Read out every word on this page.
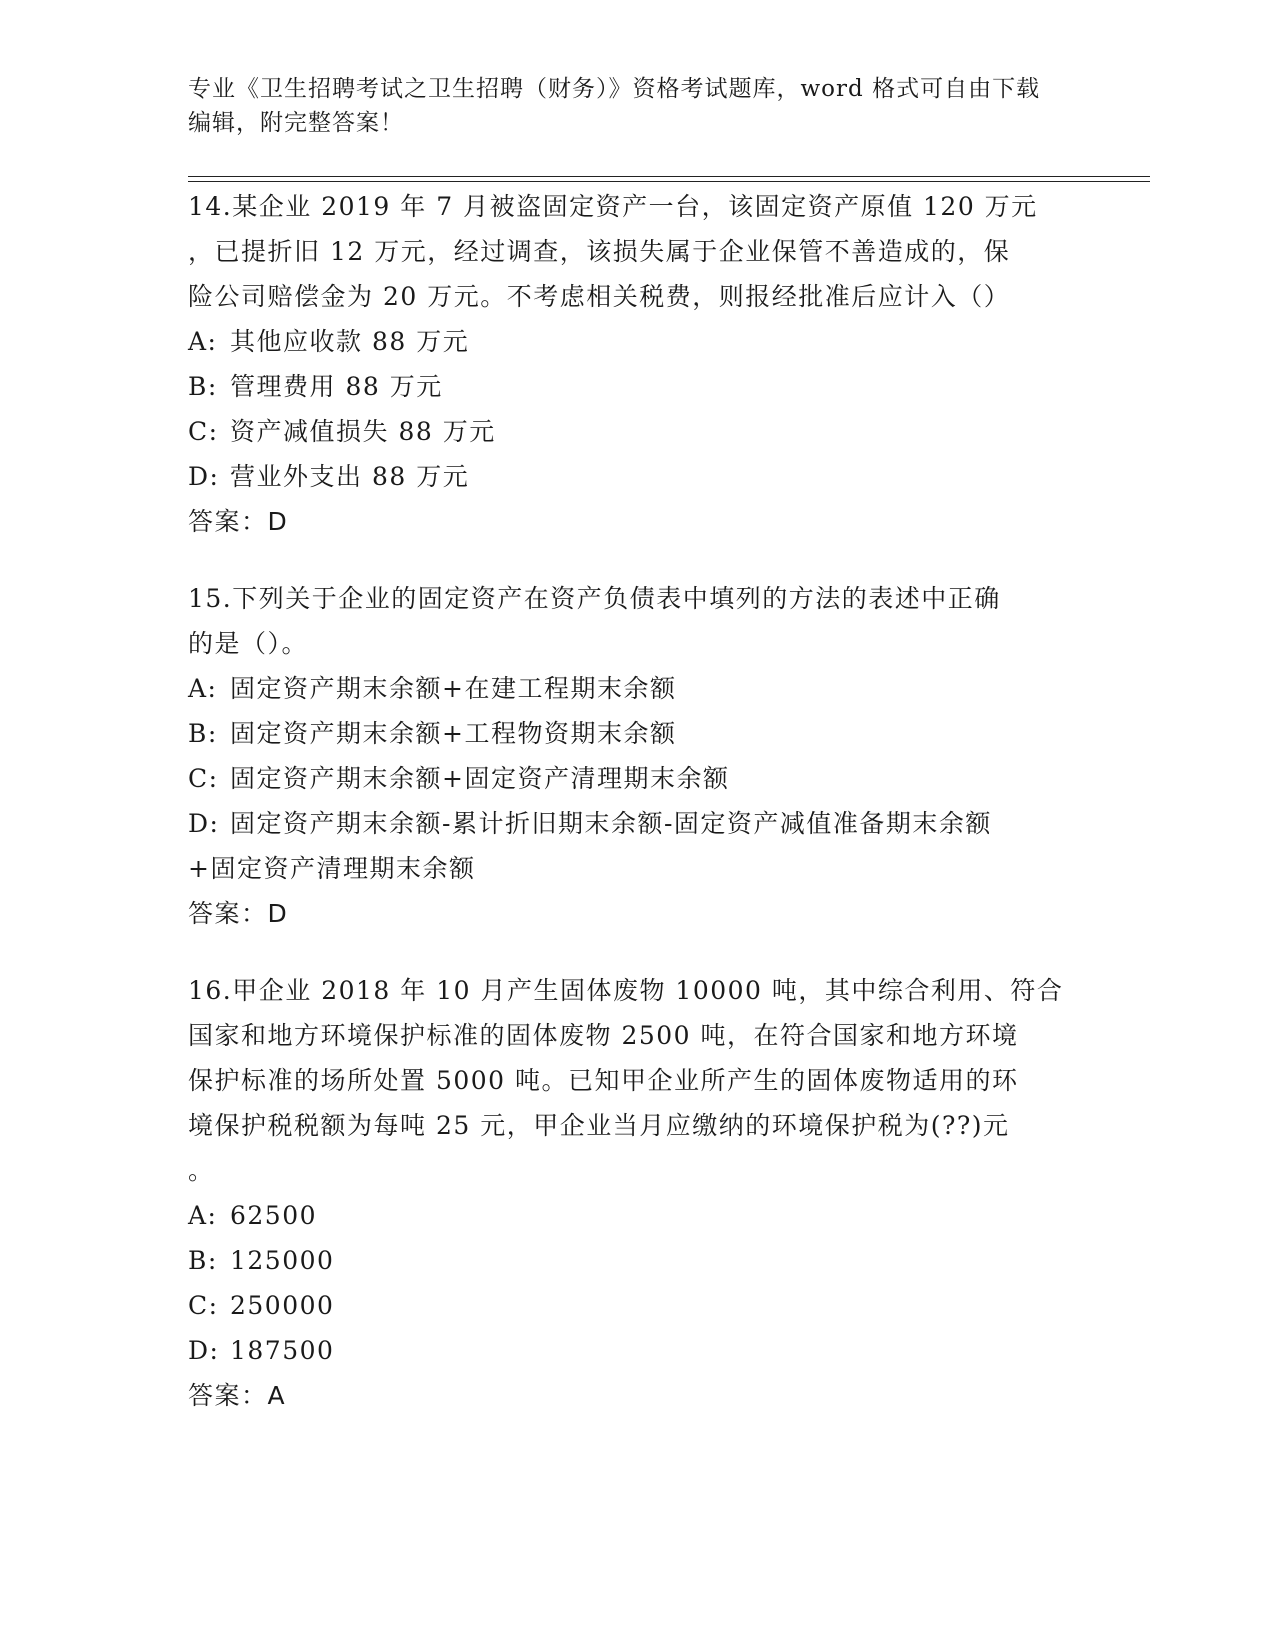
专业《卫生招聘考试之卫生招聘（财务）》资格考试题库，word 格式可自由下载
编辑，附完整答案！
14.某企业 2019 年 7 月被盗固定资产一台，该固定资产原值 120 万元
，已提折旧 12 万元，经过调查，该损失属于企业保管不善造成的，保
险公司赔偿金为 20 万元。不考虑相关税费，则报经批准后应计入（）
A: 其他应收款 88 万元
B: 管理费用 88 万元
C: 资产减值损失 88 万元
D: 营业外支出 88 万元
答案：D
15.下列关于企业的固定资产在资产负债表中填列的方法的表述中正确
的是（）。
A: 固定资产期末余额+在建工程期末余额
B: 固定资产期末余额+工程物资期末余额
C: 固定资产期末余额+固定资产清理期末余额
D: 固定资产期末余额-累计折旧期末余额-固定资产减值准备期末余额
+固定资产清理期末余额
答案：D
16.甲企业 2018 年 10 月产生固体废物 10000 吨，其中综合利用、符合
国家和地方环境保护标准的固体废物 2500 吨，在符合国家和地方环境
保护标准的场所处置 5000 吨。已知甲企业所产生的固体废物适用的环
境保护税税额为每吨 25 元，甲企业当月应缴纳的环境保护税为(??)元
。
A: 62500
B: 125000
C: 250000
D: 187500
答案：A
